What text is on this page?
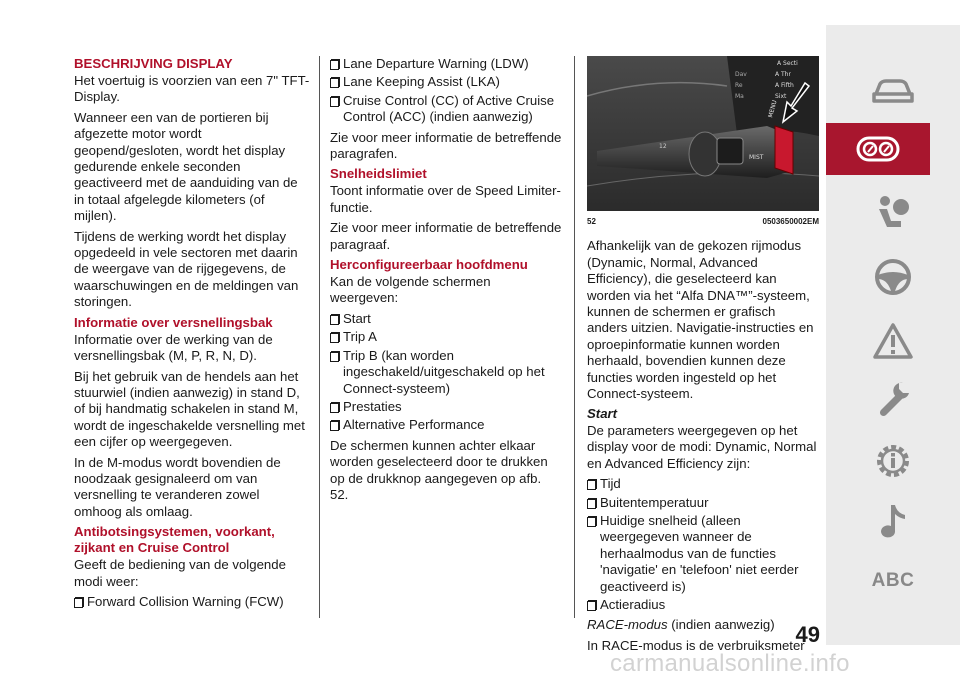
BESCHRIJVING DISPLAY

Het voertuig is voorzien van een 7" TFT-Display.

Wanneer een van de portieren bij afgezette motor wordt geopend/gesloten, wordt het display gedurende enkele seconden geactiveerd met de aanduiding van de in totaal afgelegde kilometers (of mijlen).

Tijdens de werking wordt het display opgedeeld in vele sectoren met daarin de weergave van de rijgegevens, de waarschuwingen en de meldingen van storingen.

Informatie over versnellingsbak

Informatie over de werking van de versnellingsbak (M, P, R, N, D).

Bij het gebruik van de hendels aan het stuurwiel (indien aanwezig) in stand D, of bij handmatig schakelen in stand M, wordt de ingeschakelde versnelling met een cijfer op weergegeven.

In de M-modus wordt bovendien de noodzaak gesignaleerd om van versnelling te veranderen zowel omhoog als omlaag.

Antibotsingsystemen, voorkant, zijkant en Cruise Control

Geeft de bediening van de volgende modi weer:

Forward Collision Warning (FCW)
Lane Departure Warning (LDW)
Lane Keeping Assist (LKA)
Cruise Control (CC) of Active Cruise Control (ACC) (indien aanwezig)

Zie voor meer informatie de betreffende paragrafen.

Snelheidslimiet

Toont informatie over de Speed Limiter-functie.

Zie voor meer informatie de betreffende paragraaf.

Herconfigureerbaar hoofdmenu

Kan de volgende schermen weergeven:

Start
Trip A
Trip B (kan worden ingeschakeld/uitgeschakeld op het Connect-systeem)
Prestaties
Alternative Performance

De schermen kunnen achter elkaar worden geselecteerd door te drukken op de drukknop aangegeven op afb. 52.

A Secti
Dav	A Thr
Re	A Fifth
Ma	Sixt
MIST
12
MENU
52	0503650002EM

Afhankelijk van de gekozen rijmodus (Dynamic, Normal, Advanced Efficiency), die geselecteerd kan worden via het “Alfa DNA™”-systeem, kunnen de schermen er grafisch anders uitzien. Navigatie-instructies en oproepinformatie kunnen worden herhaald, bovendien kunnen deze functies worden ingesteld op het Connect-systeem.

Start

De parameters weergegeven op het display voor de modi: Dynamic, Normal en Advanced Efficiency zijn:

Tijd
Buitentemperatuur
Huidige snelheid (alleen weergegeven wanneer de herhaalmodus van de functies 'navigatie' en 'telefoon' niet eerder geactiveerd is)
Actieradius

RACE-modus (indien aanwezig)

In RACE-modus is de verbruiksmeter

ABC
49
carmanualsonline.info
